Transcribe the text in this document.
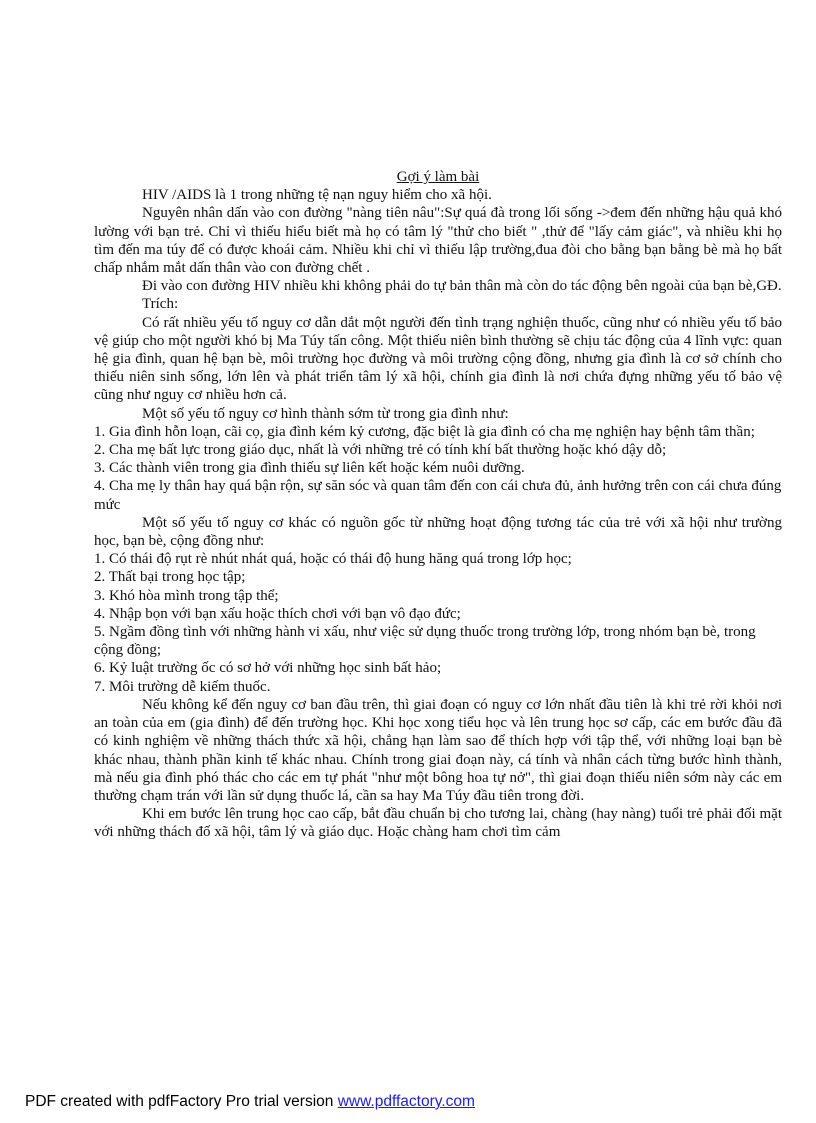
Gợi ý làm bài

HIV /AIDS là 1 trong những tệ nạn nguy hiểm cho xã hội.

Nguyên nhân dấn vào con đường "nàng tiên nâu":Sự quá đà trong lối sống ->đem đến những hậu quả khó lường với bạn trẻ. Chỉ vì thiếu hiểu biết mà họ có tâm lý "thử cho biết " ,thử để "lấy cảm giác", và nhiều khi họ tìm đến ma túy để có được khoái cảm. Nhiều khi chỉ vì thiếu lập trường,đua đòi cho bằng bạn bằng bè mà họ bất chấp nhắm mắt dấn thân vào con đường chết .

Đi vào con đường HIV nhiều khi không phải do tự bản thân mà còn do tác động bên ngoài của bạn bè,GĐ.

Trích:

Có rất nhiều yếu tố nguy cơ dẫn dắt một người đến tình trạng nghiện thuốc, cũng như có nhiều yếu tố bảo vệ giúp cho một người khó bị Ma Túy tấn công. Một thiếu niên bình thường sẽ chịu tác động của 4 lĩnh vực: quan hệ gia đình, quan hệ bạn bè, môi trường học đường và môi trường cộng đồng, nhưng gia đình là cơ sở chính cho thiếu niên sinh sống, lớn lên và phát triển tâm lý xã hội, chính gia đình là nơi chứa đựng những yếu tố bảo vệ cũng như nguy cơ nhiều hơn cả.

Một số yếu tố nguy cơ hình thành sớm từ trong gia đình như:

1. Gia đình hỗn loạn, cãi cọ, gia đình kém kỷ cương, đặc biệt là gia đình có cha mẹ nghiện hay bệnh tâm thần;

2. Cha mẹ bất lực trong giáo dục, nhất là với những trẻ có tính khí bất thường hoặc khó dậy dỗ;

3. Các thành viên trong gia đình thiếu sự liên kết hoặc kém nuôi dưỡng.

4. Cha mẹ ly thân hay quá bận rộn, sự săn sóc và quan tâm đến con cái chưa đủ, ảnh hưởng trên con cái chưa đúng mức

Một số yếu tố nguy cơ khác có nguồn gốc từ những hoạt động tương tác của trẻ với xã hội như trường học, bạn bè, cộng đồng như:

1. Có thái độ rụt rè nhút nhát quá, hoặc có thái độ hung hăng quá trong lớp học;

2. Thất bại trong học tập;

3. Khó hòa mình trong tập thể;

4. Nhập bọn với bạn xấu hoặc thích chơi với bạn vô đạo đức;

5. Ngầm đồng tình với những hành vi xấu, như việc sử dụng thuốc trong trường lớp, trong nhóm bạn bè, trong cộng đồng;

6. Kỷ luật trường ốc có sơ hở với những học sinh bất hảo;

7. Môi trường dễ kiếm thuốc.

Nếu không kể đến nguy cơ ban đầu trên, thì giai đoạn có nguy cơ lớn nhất đầu tiên là khi trẻ rời khỏi nơi an toàn của em (gia đình) để đến trường học. Khi học xong tiểu học và lên trung học sơ cấp, các em bước đầu đã có kinh nghiệm về những thách thức xã hội, chẳng hạn làm sao để thích hợp với tập thể, với những loại bạn bè khác nhau, thành phần kinh tế khác nhau. Chính trong giai đoạn này, cá tính và nhân cách từng bước hình thành, mà nếu gia đình phó thác cho các em tự phát "như một bông hoa tự nở", thì giai đoạn thiếu niên sớm này các em thường chạm trán với lần sử dụng thuốc lá, cần sa hay Ma Túy đầu tiên trong đời.

Khi em bước lên trung học cao cấp, bắt đầu chuẩn bị cho tương lai, chàng (hay nàng) tuổi trẻ phải đối mặt với những thách đố xã hội, tâm lý và giáo dục. Hoặc chàng ham chơi tìm cảm

PDF created with pdfFactory Pro trial version www.pdffactory.com
